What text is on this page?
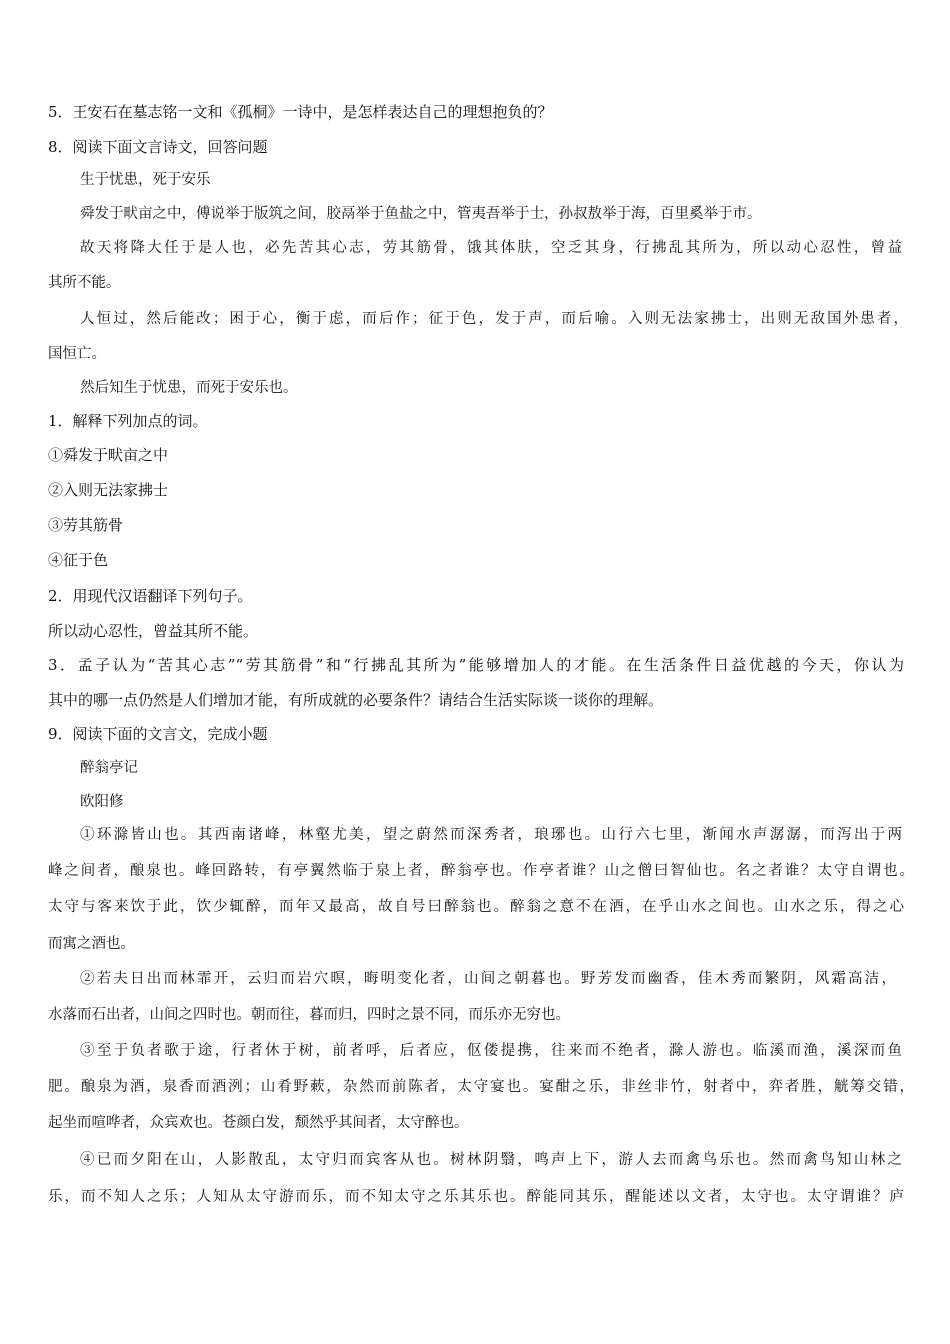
5．王安石在墓志铭一文和《孤桐》一诗中，是怎样表达自己的理想抱负的？

8．阅读下面文言诗文，回答问题

生于忧患，死于安乐

舜发于畎亩之中，傅说举于版筑之间，胶鬲举于鱼盐之中，管夷吾举于士，孙叔敖举于海，百里奚举于市。

故天将降大任于是人也，必先苦其心志，劳其筋骨，饿其体肤，空乏其身，行拂乱其所为，所以动心忍性，曾益

其所不能。

人恒过，然后能改；困于心，衡于虑，而后作；征于色，发于声，而后喻。入则无法家拂士，出则无敌国外患者，

国恒亡。

然后知生于忧患，而死于安乐也。

1．解释下列加点的词。

①舜发于畎亩之中

②入则无法家拂士

③劳其筋骨

④征于色

2．用现代汉语翻译下列句子。

所以动心忍性，曾益其所不能。

3．孟子认为“苦其心志”“劳其筋骨”和“行拂乱其所为”能够增加人的才能。在生活条件日益优越的今天，你认为

其中的哪一点仍然是人们增加才能，有所成就的必要条件？请结合生活实际谈一谈你的理解。

9．阅读下面的文言文，完成小题

醉翁亭记

欧阳修

①环滁皆山也。其西南诸峰，林壑尤美，望之蔚然而深秀者，琅琊也。山行六七里，渐闻水声潺潺，而泻出于两

峰之间者，酿泉也。峰回路转，有亭翼然临于泉上者，醉翁亭也。作亭者谁？山之僧曰智仙也。名之者谁？太守自谓也。

太守与客来饮于此，饮少辄醉，而年又最高，故自号曰醉翁也。醉翁之意不在酒，在乎山水之间也。山水之乐，得之心

而寓之酒也。

②若夫日出而林霏开，云归而岩穴暝，晦明变化者，山间之朝暮也。野芳发而幽香，佳木秀而繁阴，风霜高洁，

水落而石出者，山间之四时也。朝而往，暮而归，四时之景不同，而乐亦无穷也。

③至于负者歌于途，行者休于树，前者呼，后者应，伛偻提携，往来而不绝者，滁人游也。临溪而渔，溪深而鱼

肥。酿泉为酒，泉香而酒洌；山肴野蔌，杂然而前陈者，太守宴也。宴酣之乐，非丝非竹，射者中，弈者胜，觥筹交错，

起坐而喧哗者，众宾欢也。苍颜白发，颓然乎其间者，太守醉也。

④已而夕阳在山，人影散乱，太守归而宾客从也。树林阴翳，鸣声上下，游人去而禽鸟乐也。然而禽鸟知山林之

乐，而不知人之乐；人知从太守游而乐，而不知太守之乐其乐也。醉能同其乐，醒能述以文者，太守也。太守谓谁？庐
